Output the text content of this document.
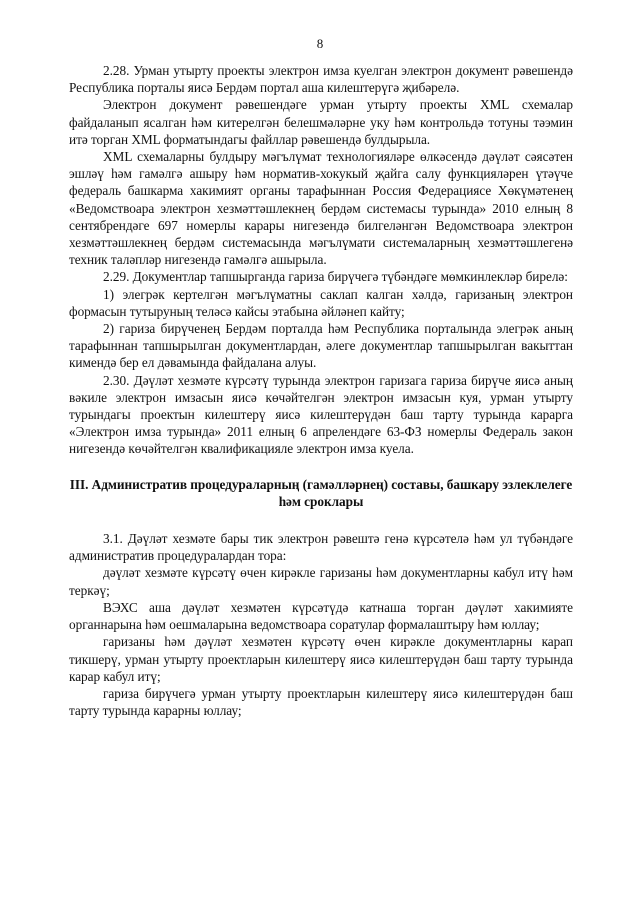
8

2.28. Урман утырту проекты электрон имза куелган электрон документ рәвешендә Республика порталы яисә Бердәм портал аша килештерүгә җибәрелә.

Электрон документ рәвешендәге урман утырту проекты XML схемалар файдаланып ясалган һәм китерелгән белешмәләрне уку һәм контрольдә тотуны тәэмин итә торган XML форматындагы файллар рәвешендә булдырыла.

XML схемаларны булдыру мәгълүмат технологияләре өлкәсендә дәүләт сәясәтен эшләү һәм гамәлгә ашыру һәм норматив-хокукый җайга салу функцияләрен үтәүче федераль башкарма хакимият органы тарафыннан Россия Федерациясе Хөкүмәтенең «Ведомствоара электрон хезмәттәшлекнең бердәм системасы турында» 2010 елның 8 сентябрендәге 697 номерлы карары нигезендә билгеләнгән Ведомствоара электрон хезмәттәшлекнең бердәм системасында мәгълүмати системаларның хезмәттәшлегенә техник таләпләр нигезендә гамәлгә ашырыла.

2.29. Документлар тапшырганда гариза бирүчегә түбәндәге мөмкинлекләр бирелә:

1) элегрәк кертелгән мәгълүматны саклап калган хәлдә, гаризаның электрон формасын тутыруның теләсә кайсы этабына әйләнеп кайту;

2) гариза бирүченең Бердәм порталда һәм Республика порталында элегрәк аның тарафыннан тапшырылган документлардан, әлеге документлар тапшырылган вакыттан кимендә бер ел дәвамында файдалана алуы.

2.30. Дәүләт хезмәте күрсәтү турында электрон гаризага гариза бирүче яисә аның вәкиле электрон имзасын яисә көчәйтелгән электрон имзасын куя, урман утырту турындагы проектын килештерү яисә килештерүдән баш тарту турында карарга «Электрон имза турында» 2011 елның 6 апрелендәге 63-ФЗ номерлы Федераль закон нигезендә көчәйтелгән квалификацияле электрон имза куела.

III. Административ процедураларның (гамәлләрнең) составы, башкару эзлеклелеге һәм сроклары

3.1. Дәүләт хезмәте бары тик электрон рәвештә генә күрсәтелә һәм ул түбәндәге административ процедуралардан тора:

дәүләт хезмәте күрсәтү өчен кирәкле гаризаны һәм документларны кабул итү һәм теркәү;

ВЭХС аша дәүләт хезмәтен күрсәтүдә катнаша торган дәүләт хакимияте органнарына һәм оешмаларына ведомствоара соратулар формалаштыру һәм юллау;

гаризаны һәм дәүләт хезмәтен күрсәтү өчен кирәкле документларны карап тикшерү, урман утырту проектларын килештерү яисә килештерүдән баш тарту турында карар кабул итү;

гариза бирүчегә урман утырту проектларын килештерү яисә килештерүдән баш тарту турында карарны юллау;
